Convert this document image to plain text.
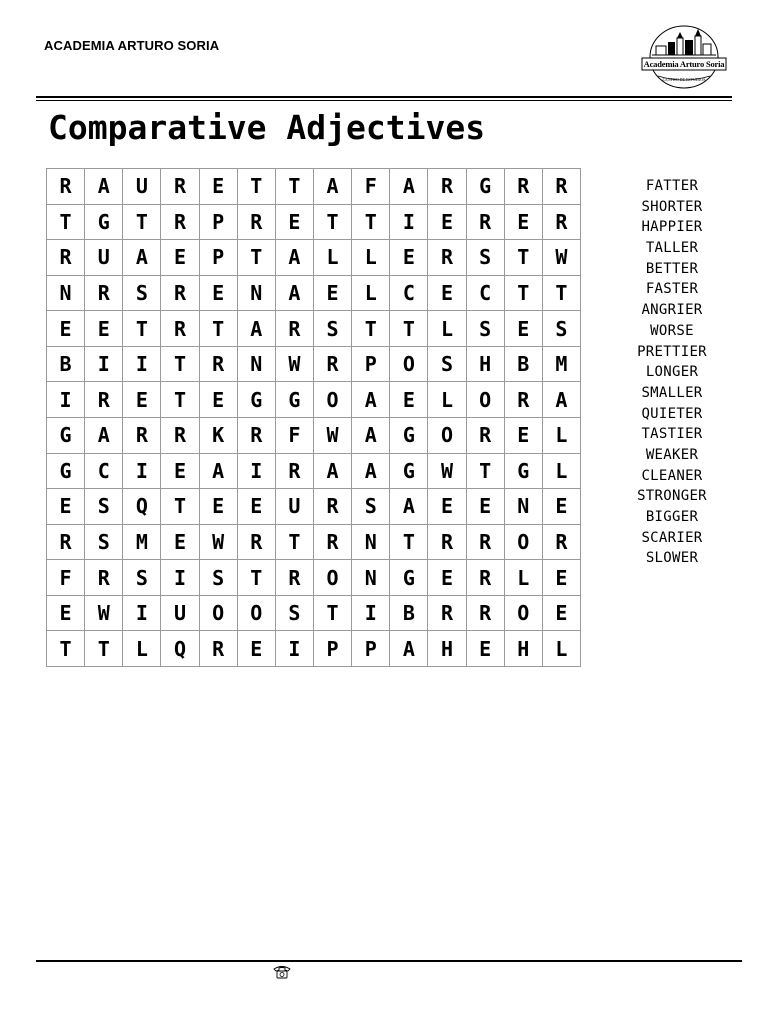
ACADEMIA ARTURO SORIA
Academia Arturo Soria
CENTRO DE ESTUDIOS
Comparative Adjectives
R	A	U	R	E	T	T	A	F	A	R	G	R	R
T	G	T	R	P	R	E	T	T	I	E	R	E	R
R	U	A	E	P	T	A	L	L	E	R	S	T	W
N	R	S	R	E	N	A	E	L	C	E	C	T	T
E	E	T	R	T	A	R	S	T	T	L	S	E	S
B	I	I	T	R	N	W	R	P	O	S	H	B	M
I	R	E	T	E	G	G	O	A	E	L	O	R	A
G	A	R	R	K	R	F	W	A	G	O	R	E	L
G	C	I	E	A	I	R	A	A	G	W	T	G	L
E	S	Q	T	E	E	U	R	S	A	E	E	N	E
R	S	M	E	W	R	T	R	N	T	R	R	O	R
F	R	S	I	S	T	R	O	N	G	E	R	L	E
E	W	I	U	O	O	S	T	I	B	R	R	O	E
T	T	L	Q	R	E	I	P	P	A	H	E	H	L
FATTER
SHORTER
HAPPIER
TALLER
BETTER
FASTER
ANGRIER
WORSE
PRETTIER
LONGER
SMALLER
QUIETER
TASTIER
WEAKER
CLEANER
STRONGER
BIGGER
SCARIER
SLOWER
